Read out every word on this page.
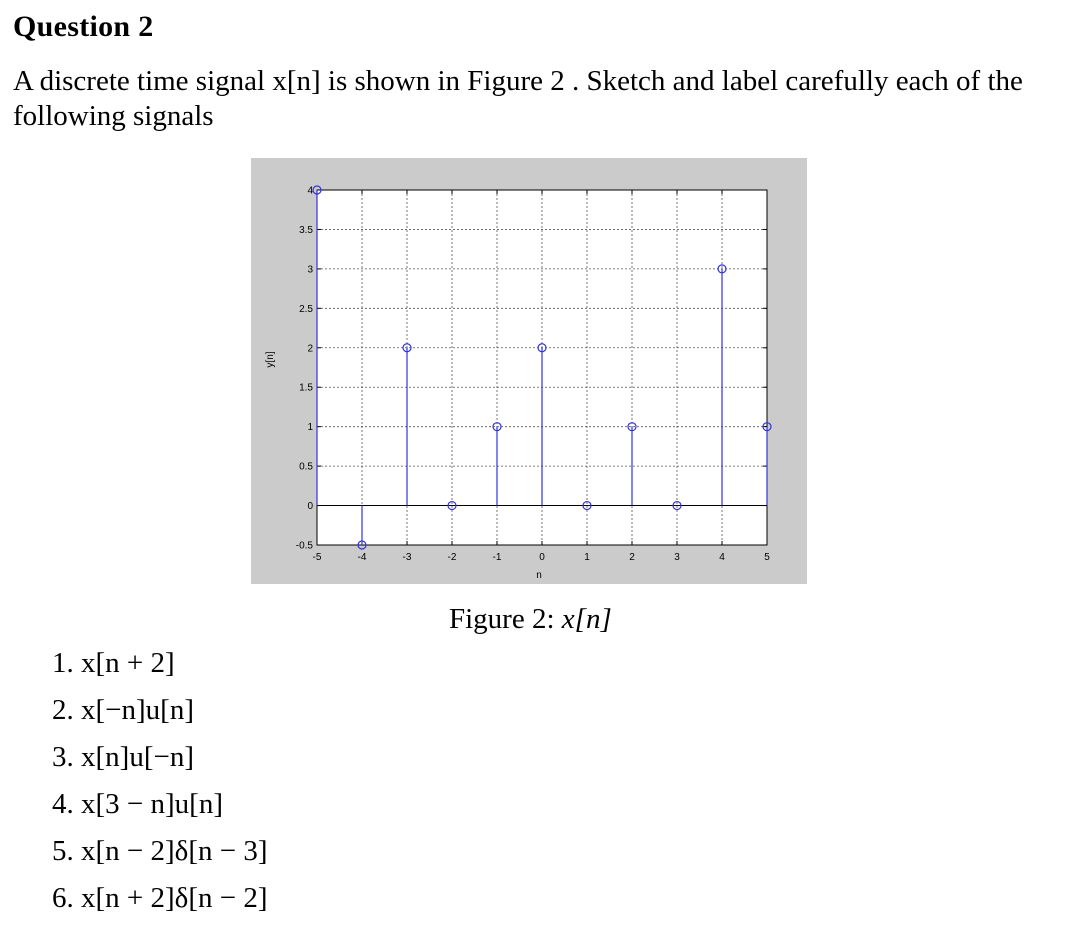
Question 2
A discrete time signal x[n] is shown in Figure 2 . Sketch and label carefully each of the following signals
-5	-4	-3	-2	-1	0	1	2	3	4	5
-0.5
0
0.5
1
1.5
2
2.5
3
3.5
4
n
y[n]
Figure 2: x[n]
1. x[n + 2]
2. x[−n]u[n]
3. x[n]u[−n]
4. x[3 − n]u[n]
5. x[n − 2]δ[n − 3]
6. x[n + 2]δ[n − 2]
